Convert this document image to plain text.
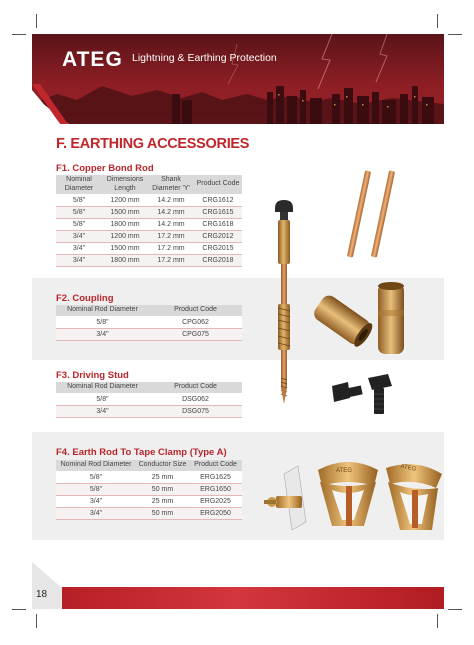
ATEG Lightning & Earthing Protection
F. EARTHING ACCESSORIES
F1. Copper Bond Rod
Nominal Diameter	Dimensions Length	Shank Diameter 'Y'	Product Code
5/8"	1200 mm	14.2 mm	CRG1612
5/8"	1500 mm	14.2 mm	CRG1615
5/8"	1800 mm	14.2 mm	CRG1618
3/4"	1200 mm	17.2 mm	CRG2012
3/4"	1500 mm	17.2 mm	CRG2015
3/4"	1800 mm	17.2 mm	CRG2018
F2. Coupling
Nominal Rod Diameter	Product Code
5/8"	CPG062
3/4"	CPG075
F3. Driving Stud
Nominal Rod Diameter	Product Code
5/8"	DSG062
3/4"	DSG075
F4. Earth Rod To Tape Clamp (Type A)
Nominal Rod Diameter	Conductor Size	Product Code
5/8"	25 mm	ERG1625
5/8"	50 mm	ERG1650
3/4"	25 mm	ERG2025
3/4"	50 mm	ERG2050
ATEG	ATEG
18
